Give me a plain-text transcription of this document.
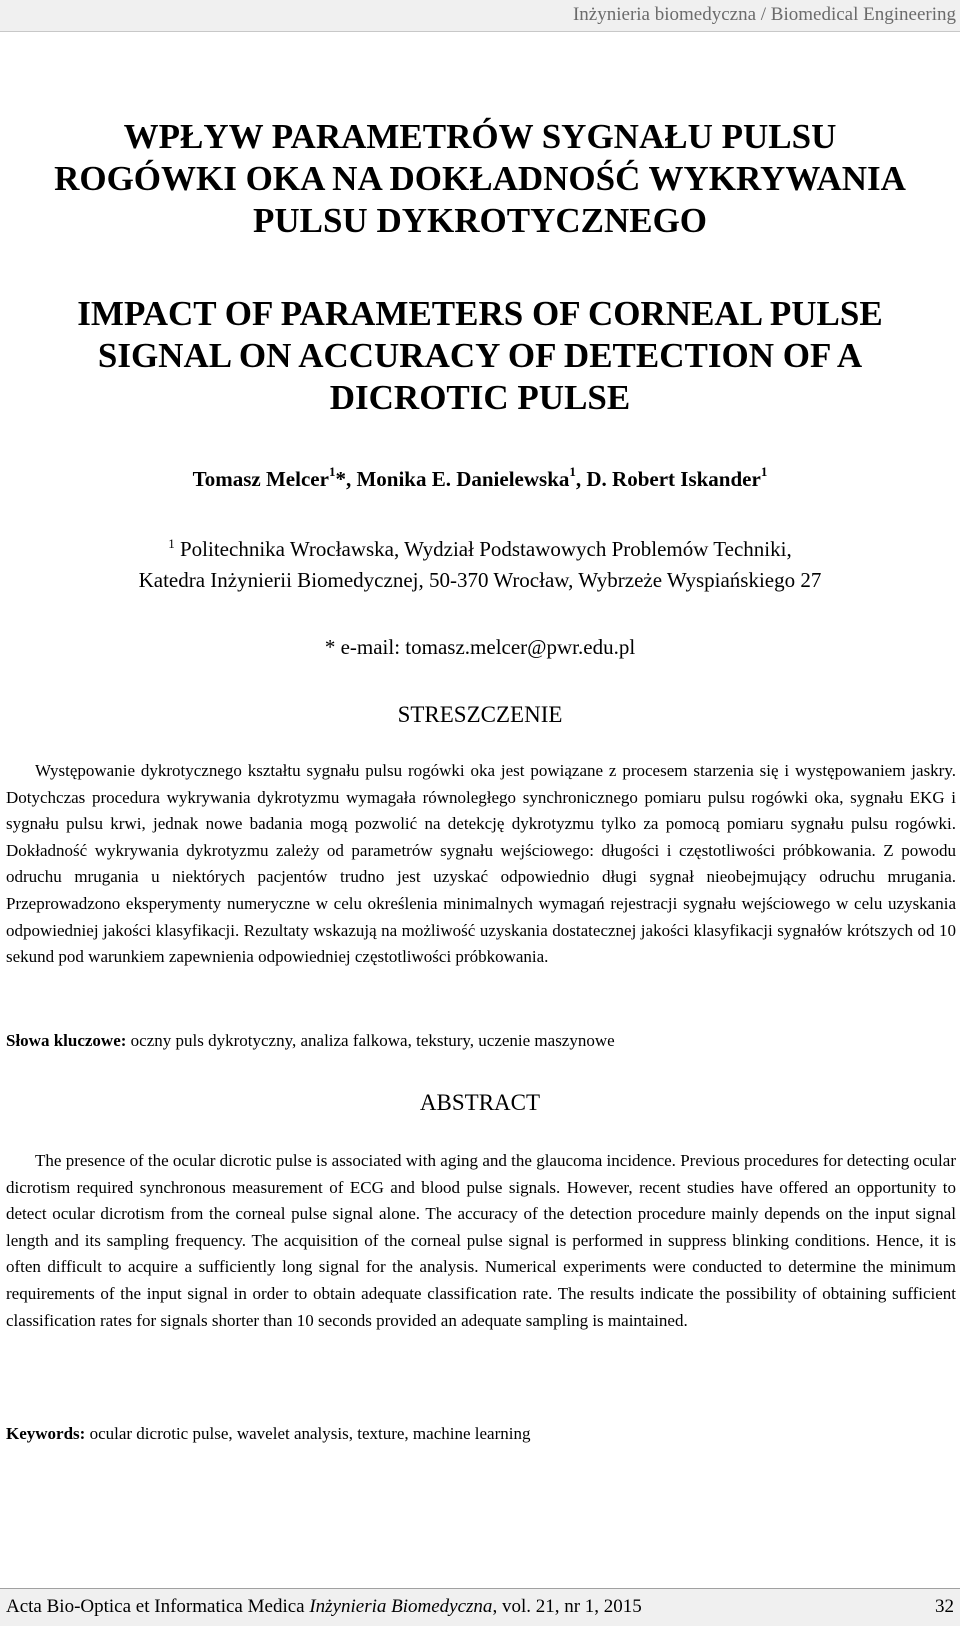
Inżynieria biomedyczna / Biomedical Engineering
WPŁYW PARAMETRÓW SYGNAŁU PULSU
ROGÓWKI OKA NA DOKŁADNOŚĆ WYKRYWANIA
PULSU DYKROTYCZNEGO
IMPACT OF PARAMETERS OF CORNEAL PULSE
SIGNAL ON ACCURACY OF DETECTION OF A
DICROTIC PULSE
Tomasz Melcer$^1$*, Monika E. Danielewska$^1$, D. Robert Iskander$^1$
$^1$ Politechnika Wrocławska, Wydział Podstawowych Problemów Techniki,
Katedra Inżynierii Biomedycznej, 50-370 Wrocław, Wybrzeże Wyspiańskiego 27
* e-mail: tomasz.melcer@pwr.edu.pl
STRESZCZENIE
Występowanie dykrotycznego kształtu sygnału pulsu rogówki oka jest powiązane z procesem starzenia się i występowaniem jaskry. Dotychczas procedura wykrywania dykrotyzmu wymagała równoległego synchronicznego pomiaru pulsu rogówki oka, sygnału EKG i sygnału pulsu krwi, jednak nowe badania mogą pozwolić na detekcję dykrotyzmu tylko za pomocą pomiaru sygnału pulsu rogówki. Dokładność wykrywania dykrotyzmu zależy od parametrów sygnału wejściowego: długości i częstotliwości próbkowania. Z powodu odruchu mrugania u niektórych pacjentów trudno jest uzyskać odpowiednio długi sygnał nieobejmujący odruchu mrugania. Przeprowadzono eksperymenty numeryczne w celu określenia minimalnych wymagań rejestracji sygnału wejściowego w celu uzyskania odpowiedniej jakości klasyfikacji. Rezultaty wskazują na możliwość uzyskania dostatecznej jakości klasyfikacji sygnałów krótszych od 10 sekund pod warunkiem zapewnienia odpowiedniej częstotliwości próbkowania.
Słowa kluczowe: oczny puls dykrotyczny, analiza falkowa, tekstury, uczenie maszynowe
ABSTRACT
The presence of the ocular dicrotic pulse is associated with aging and the glaucoma incidence. Previous procedures for detecting ocular dicrotism required synchronous measurement of ECG and blood pulse signals. However, recent studies have offered an opportunity to detect ocular dicrotism from the corneal pulse signal alone. The accuracy of the detection procedure mainly depends on the input signal length and its sampling frequency. The acquisition of the corneal pulse signal is performed in suppress blinking conditions. Hence, it is often difficult to acquire a sufficiently long signal for the analysis. Numerical experiments were conducted to determine the minimum requirements of the input signal in order to obtain adequate classification rate. The results indicate the possibility of obtaining sufficient classification rates for signals shorter than 10 seconds provided an adequate sampling is maintained.
Keywords: ocular dicrotic pulse, wavelet analysis, texture, machine learning
Acta Bio-Optica et Informatica Medica Inżynieria Biomedyczna, vol. 21, nr 1, 2015	32
